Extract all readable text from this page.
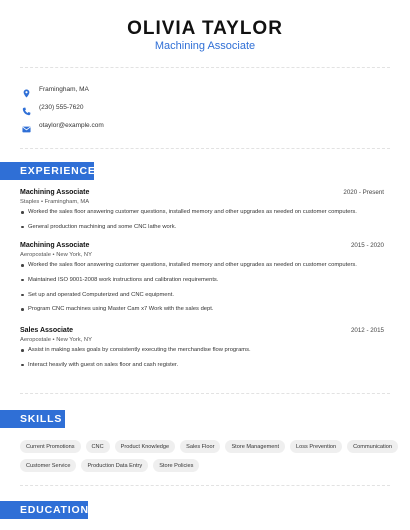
OLIVIA TAYLOR
Machining Associate
Framingham, MA
(230) 555-7620
otaylor@example.com
EXPERIENCE
Machining Associate	2020 - Present
Staples • Framingham, MA
Worked the sales floor answering customer questions, installed memory and other upgrades as needed on customer computers.
General production machining and some CNC lathe work.
Machining Associate	2015 - 2020
Aeropostale • New York, NY
Worked the sales floor answering customer questions, installed memory and other upgrades as needed on customer computers.
Maintained ISO 9001-2008 work instructions and calibration requirements.
Set up and operated Computerized and CNC equipment.
Program CNC machines using Master Cam x7 Work with the sales dept.
Sales Associate	2012 - 2015
Aeropostale • New York, NY
Assist in making sales goals by consistently executing the merchandise flow programs.
Interact heavily with guest on sales floor and cash register.
SKILLS
Current Promotions	CNC	Product Knowledge	Sales Floor	Store Management	Loss Prevention	Communication
Customer Service	Production Data Entry	Store Policies
EDUCATION
